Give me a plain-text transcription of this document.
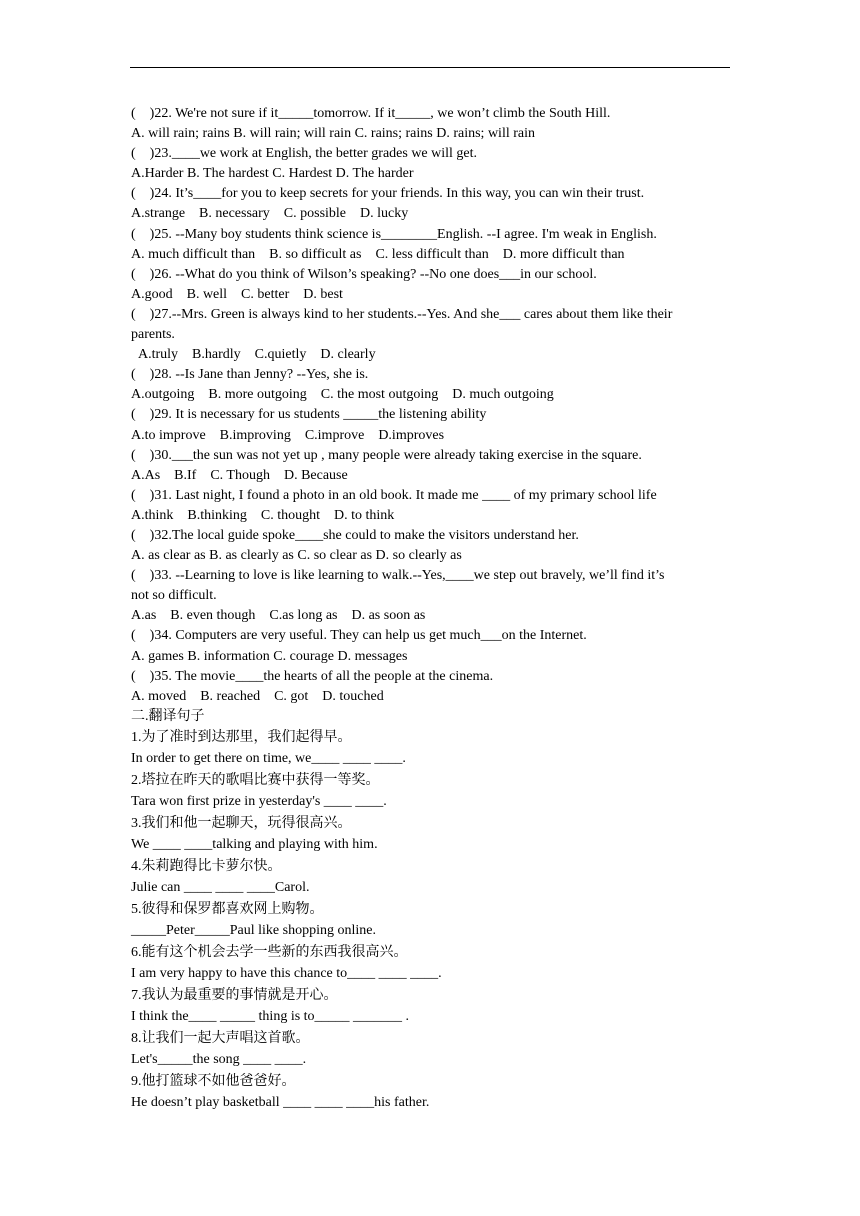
(    )22. We're not sure if it_____tomorrow. If it_____, we won’t climb the South Hill.
A. will rain; rains B. will rain; will rain C. rains; rains D. rains; will rain
(    )23.____we work at English, the better grades we will get.
A.Harder B. The hardest C. Hardest D. The harder
(    )24. It’s____for you to keep secrets for your friends. In this way, you can win their trust.
A.strange    B. necessary    C. possible    D. lucky
(    )25. --Many boy students think science is________English. --I agree. I'm weak in English.
A. much difficult than    B. so difficult as    C. less difficult than    D. more difficult than
(    )26. --What do you think of Wilson’s speaking? --No one does___in our school.
A.good    B. well    C. better    D. best
(    )27.--Mrs. Green is always kind to her students.--Yes. And she___ cares about them like their
parents.
A.truly    B.hardly    C.quietly    D. clearly
(    )28. --Is Jane than Jenny? --Yes, she is.
A.outgoing    B. more outgoing    C. the most outgoing    D. much outgoing
(    )29. It is necessary for us students _____the listening ability
A.to improve    B.improving    C.improve    D.improves
(    )30.___the sun was not yet up , many people were already taking exercise in the square.
A.As    B.If    C. Though    D. Because
(    )31. Last night, I found a photo in an old book. It made me ____ of my primary school life
A.think    B.thinking    C. thought    D. to think
(    )32.The local guide spoke____she could to make the visitors understand her.
A. as clear as B. as clearly as C. so clear as D. so clearly as
(    )33. --Learning to love is like learning to walk.--Yes,____we step out bravely, we’ll find it’s
not so difficult.
A.as    B. even though    C.as long as    D. as soon as
(    )34. Computers are very useful. They can help us get much___on the Internet.
A. games B. information C. courage D. messages
(    )35. The movie____the hearts of all the people at the cinema.
A. moved    B. reached    C. got    D. touched
二.翻译句子
1.为了准时到达那里，我们起得早。
In order to get there on time, we____ ____ ____.
2.塔拉在昨天的歌唱比赛中获得一等奖。
Tara won first prize in yesterday's ____ ____.
3.我们和他一起聊天，玩得很高兴。
We ____ ____talking and playing with him.
4.朱莉跑得比卡萝尔快。
Julie can ____ ____ ____Carol.
5.彼得和保罗都喜欢网上购物。
_____Peter_____Paul like shopping online.
6.能有这个机会去学一些新的东西我很高兴。
I am very happy to have this chance to____ ____ ____.
7.我认为最重要的事情就是开心。
I think the____ _____ thing is to_____ _______ .
8.让我们一起大声唱这首歌。
Let's_____the song ____ ____.
9.他打篮球不如他爸爸好。
He doesn’t play basketball ____ ____ ____his father.
